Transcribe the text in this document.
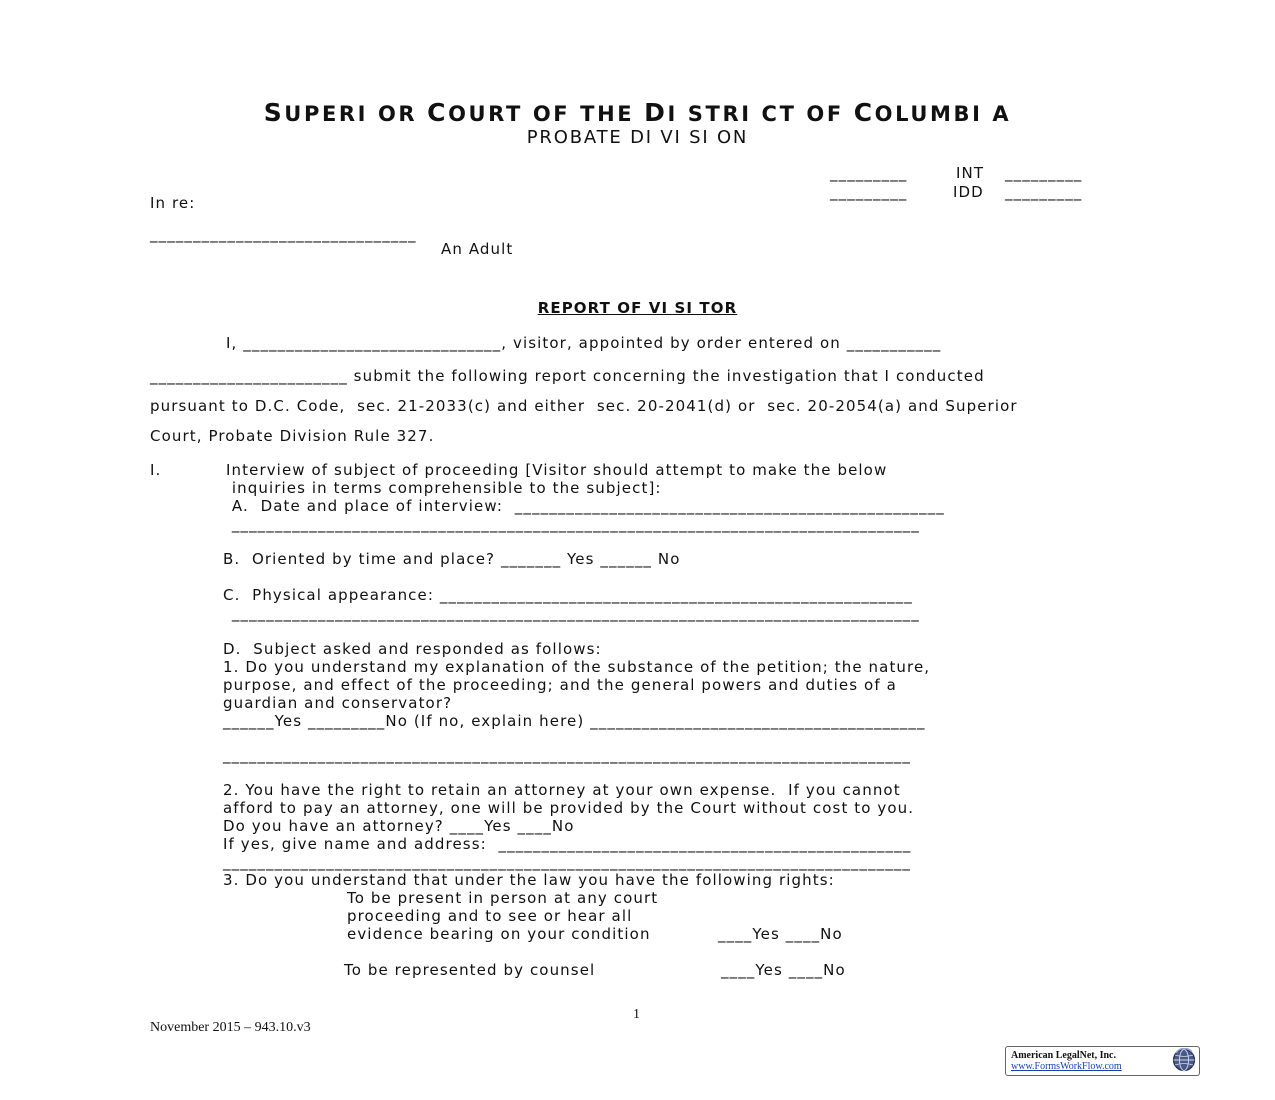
SUPERI OR COURT OF THE DI STRI CT OF COLUMBI A
PROBATE DI VI SI ON
_________	INT _________
_________	IDD _________
In re:
_______________________________
An Adult
REPORT OF VI SI TOR
I, ______________________________, visitor, appointed by order entered on ___________
_______________________ submit the following report concerning the investigation that I conducted
pursuant to D.C. Code,  sec. 21-2033(c) and either  sec. 20-2041(d) or  sec. 20-2054(a) and Superior
Court, Probate Division Rule 327.
I.	Interview of subject of proceeding [Visitor should attempt to make the below
inquiries in terms comprehensible to the subject]:
A.  Date and place of interview:  __________________________________________________
________________________________________________________________________________
B.  Oriented by time and place? _______ Yes ______ No
C.  Physical appearance: _______________________________________________________
________________________________________________________________________________
D.  Subject asked and responded as follows:
1. Do you understand my explanation of the substance of the petition; the nature,
purpose, and effect of the proceeding; and the general powers and duties of a
guardian and conservator?
______Yes _________No (If no, explain here) _______________________________________
________________________________________________________________________________
2. You have the right to retain an attorney at your own expense.  If you cannot
afford to pay an attorney, one will be provided by the Court without cost to you.
Do you have an attorney? ____Yes ____No
If yes, give name and address:  ________________________________________________
________________________________________________________________________________
3. Do you understand that under the law you have the following rights:
To be present in person at any court
proceeding and to see or hear all
evidence bearing on your condition	____Yes ____No
To be represented by counsel	____Yes ____No
1
November 2015 – 943.10.v3
American LegalNet, Inc.
www.FormsWorkFlow.com
